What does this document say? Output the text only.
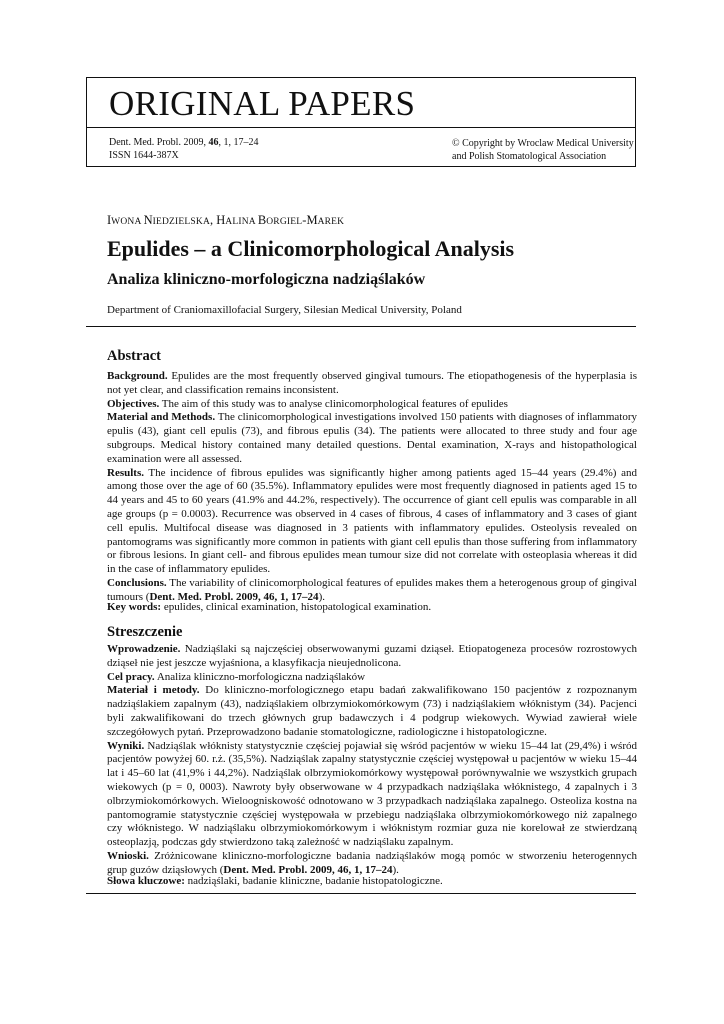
ORIGINAL PAPERS
Dent. Med. Probl. 2009, 46, 1, 17–24
ISSN 1644-387X
© Copyright by Wroclaw Medical University
and Polish Stomatological Association
IWONA NIEDZIELSKA, HALINA BORGIEL-MAREK
Epulides – a Clinicomorphological Analysis
Analiza kliniczno-morfologiczna nadziąślaków
Department of Craniomaxillofacial Surgery, Silesian Medical University, Poland
Abstract
Background. Epulides are the most frequently observed gingival tumours. The etiopathogenesis of the hyperplasia is not yet clear, and classification remains inconsistent.
Objectives. The aim of this study was to analyse clinicomorphological features of epulides
Material and Methods. The clinicomorphological investigations involved 150 patients with diagnoses of inflammatory epulis (43), giant cell epulis (73), and fibrous epulis (34). The patients were allocated to three study and four age subgroups. Medical history contained many detailed questions. Dental examination, X-rays and histopathological examination were all assessed.
Results. The incidence of fibrous epulides was significantly higher among patients aged 15–44 years (29.4%) and among those over the age of 60 (35.5%). Inflammatory epulides were most frequently diagnosed in patients aged 15 to 44 years and 45 to 60 years (41.9% and 44.2%, respectively). The occurrence of giant cell epulis was comparable in all age groups (p = 0.0003). Recurrence was observed in 4 cases of fibrous, 4 cases of inflammatory and 3 cases of giant cell epulis. Multifocal disease was diagnosed in 3 patients with inflammatory epulides. Osteolysis revealed on pantomograms was significantly more common in patients with giant cell epulis than those suffering from inflammatory or fibrous lesions. In giant cell- and fibrous epulides mean tumour size did not correlate with osteoplasia whereas it did in the case of inflammatory epulides.
Conclusions. The variability of clinicomorphological features of epulides makes them a heterogenous group of gingival tumours (Dent. Med. Probl. 2009, 46, 1, 17–24).
Key words: epulides, clinical examination, histopatological examination.
Streszczenie
Wprowadzenie. Nadziąślaki są najczęściej obserwowanymi guzami dziąseł. Etiopatogeneza procesów rozrostowych dziąseł nie jest jeszcze wyjaśniona, a klasyfikacja nieujednolicona.
Cel pracy. Analiza kliniczno-morfologiczna nadziąślaków
Materiał i metody. Do kliniczno-morfologicznego etapu badań zakwalifikowano 150 pacjentów z rozpoznanym nadziąślakiem zapalnym (43), nadziąślakiem olbrzymiokomórkowym (73) i nadziąślakiem włóknistym (34). Pacjenci byli zakwalifikowani do trzech głównych grup badawczych i 4 podgrup wiekowych. Wywiad zawierał wiele szczegółowych pytań. Przeprowadzono badanie stomatologiczne, radiologiczne i histopatologiczne.
Wyniki. Nadziąślak włóknisty statystycznie częściej pojawiał się wśród pacjentów w wieku 15–44 lat (29,4%) i wśród pacjentów powyżej 60. r.ż. (35,5%). Nadziąślak zapalny statystycznie częściej występował u pacjentów w wieku 15–44 lat i 45–60 lat (41,9% i 44,2%). Nadziąślak olbrzymiokomórkowy występował porównywalnie we wszystkich grupach wiekowych (p = 0, 0003). Nawroty były obserwowane w 4 przypadkach nadziąślaka włóknistego, 4 zapalnych i 3 olbrzymiokomórkowych. Wieloogniskowość odnotowano w 3 przypadkach nadziąślaka zapalnego. Osteoliza kostna na pantomogramie statystycznie częściej występowała w przebiegu nadziąślaka olbrzymiokomórkowego niż zapalnego czy włóknistego. W nadziąślaku olbrzymiokomórkowym i włóknistym rozmiar guza nie korelował ze stwierdzaną osteoplazją, podczas gdy stwierdzono taką zależność w nadziąślaku zapalnym.
Wnioski. Zróżnicowane kliniczno-morfologiczne badania nadziąślaków mogą pomóc w stworzeniu heterogennych grup guzów dziąsłowych (Dent. Med. Probl. 2009, 46, 1, 17–24).
Słowa kluczowe: nadziąślaki, badanie kliniczne, badanie histopatologiczne.
